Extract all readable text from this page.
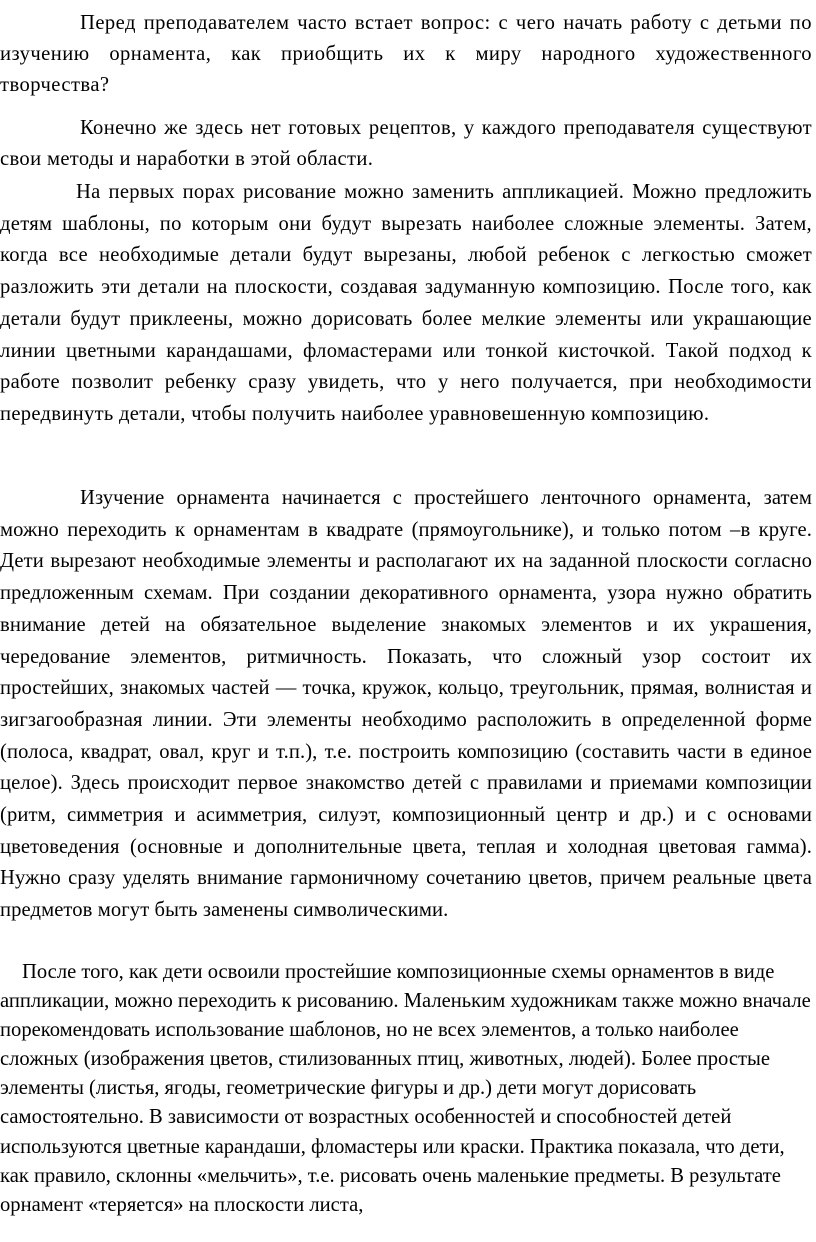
Перед преподавателем часто встает вопрос: с чего начать работу с детьми по изучению орнамента, как приобщить их к миру народного художественного творчества?

Конечно же здесь нет готовых рецептов, у каждого преподавателя существуют свои методы и наработки в этой области.

На первых порах рисование можно заменить аппликацией. Можно предложить детям шаблоны, по которым они будут вырезать наиболее сложные элементы. Затем, когда все необходимые детали будут вырезаны, любой ребенок с легкостью сможет разложить эти детали на плоскости, создавая задуманную композицию. После того, как детали будут приклеены, можно дорисовать более мелкие элементы или украшающие линии цветными карандашами, фломастерами или тонкой кисточкой. Такой подход к работе позволит ребенку сразу увидеть, что у него получается, при необходимости передвинуть детали, чтобы получить наиболее уравновешенную композицию.

Изучение орнамента начинается с простейшего ленточного орнамента, затем можно переходить к орнаментам в квадрате (прямоугольнике), и только потом –в круге. Дети вырезают необходимые элементы и располагают их на заданной плоскости согласно предложенным схемам. При создании декоративного орнамента, узора нужно обратить внимание детей на обязательное выделение знакомых элементов и их украшения, чередование элементов, ритмичность. Показать, что сложный узор состоит их простейших, знакомых частей — точка, кружок, кольцо, треугольник, прямая, волнистая и зигзагообразная линии. Эти элементы необходимо расположить в определенной форме (полоса, квадрат, овал, круг и т.п.), т.е. построить композицию (составить части в единое целое). Здесь происходит первое знакомство детей с правилами и приемами композиции (ритм, симметрия и асимметрия, силуэт, композиционный центр и др.) и с основами цветоведения (основные и дополнительные цвета, теплая и холодная цветовая гамма). Нужно сразу уделять внимание гармоничному сочетанию цветов, причем реальные цвета предметов могут быть заменены символическими.

После того, как дети освоили простейшие композиционные схемы орнаментов в виде аппликации, можно переходить к рисованию. Маленьким художникам также можно вначале порекомендовать использование шаблонов, но не всех элементов, а только наиболее сложных (изображения цветов, стилизованных птиц, животных, людей). Более простые элементы (листья, ягоды, геометрические фигуры и др.) дети могут дорисовать самостоятельно. В зависимости от возрастных особенностей и способностей детей используются цветные карандаши, фломастеры или краски. Практика показала, что дети, как правило, склонны «мельчить», т.е. рисовать очень маленькие предметы. В результате орнамент «теряется» на плоскости листа,
